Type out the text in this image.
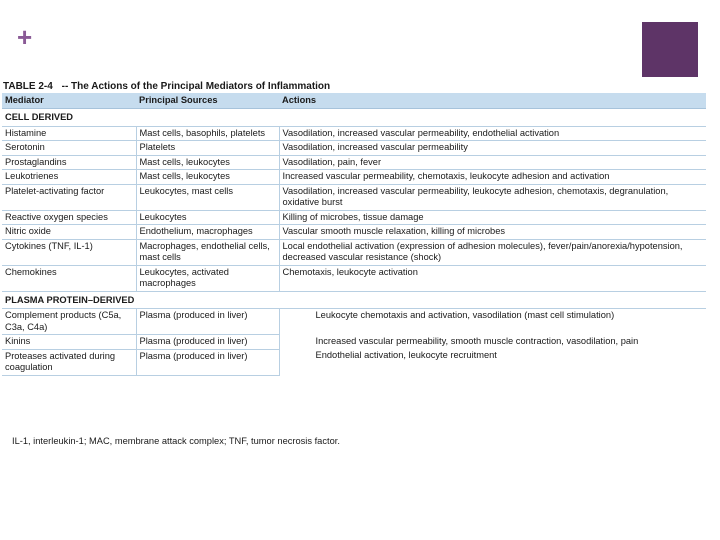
+
TABLE 2-4 -- The Actions of the Principal Mediators of Inflammation
Mediator	Principal Sources	Actions
CELL DERIVED		
Histamine	Mast cells, basophils, platelets	Vasodilation, increased vascular permeability, endothelial activation
Serotonin	Platelets	Vasodilation, increased vascular permeability
Prostaglandins	Mast cells, leukocytes	Vasodilation, pain, fever
Leukotrienes	Mast cells, leukocytes	Increased vascular permeability, chemotaxis, leukocyte adhesion and activation
Platelet-activating factor	Leukocytes, mast cells	Vasodilation, increased vascular permeability, leukocyte adhesion, chemotaxis, degranulation, oxidative burst
Reactive oxygen species	Leukocytes	Killing of microbes, tissue damage
Nitric oxide	Endothelium, macrophages	Vascular smooth muscle relaxation, killing of microbes
Cytokines (TNF, IL-1)	Macrophages, endothelial cells, mast cells	Local endothelial activation (expression of adhesion molecules), fever/pain/anorexia/hypotension, decreased vascular resistance (shock)
Chemokines	Leukocytes, activated macrophages	Chemotaxis, leukocyte activation
PLASMA PROTEIN–DERIVED		
Complement products (C5a, C3a, C4a)	Plasma (produced in liver)	Leukocyte chemotaxis and activation, vasodilation (mast cell stimulation)
Kinins	Plasma (produced in liver)	Increased vascular permeability, smooth muscle contraction, vasodilation, pain
Proteases activated during coagulation	Plasma (produced in liver)	Endothelial activation, leukocyte recruitment
IL-1, interleukin-1; MAC, membrane attack complex; TNF, tumor necrosis factor.
